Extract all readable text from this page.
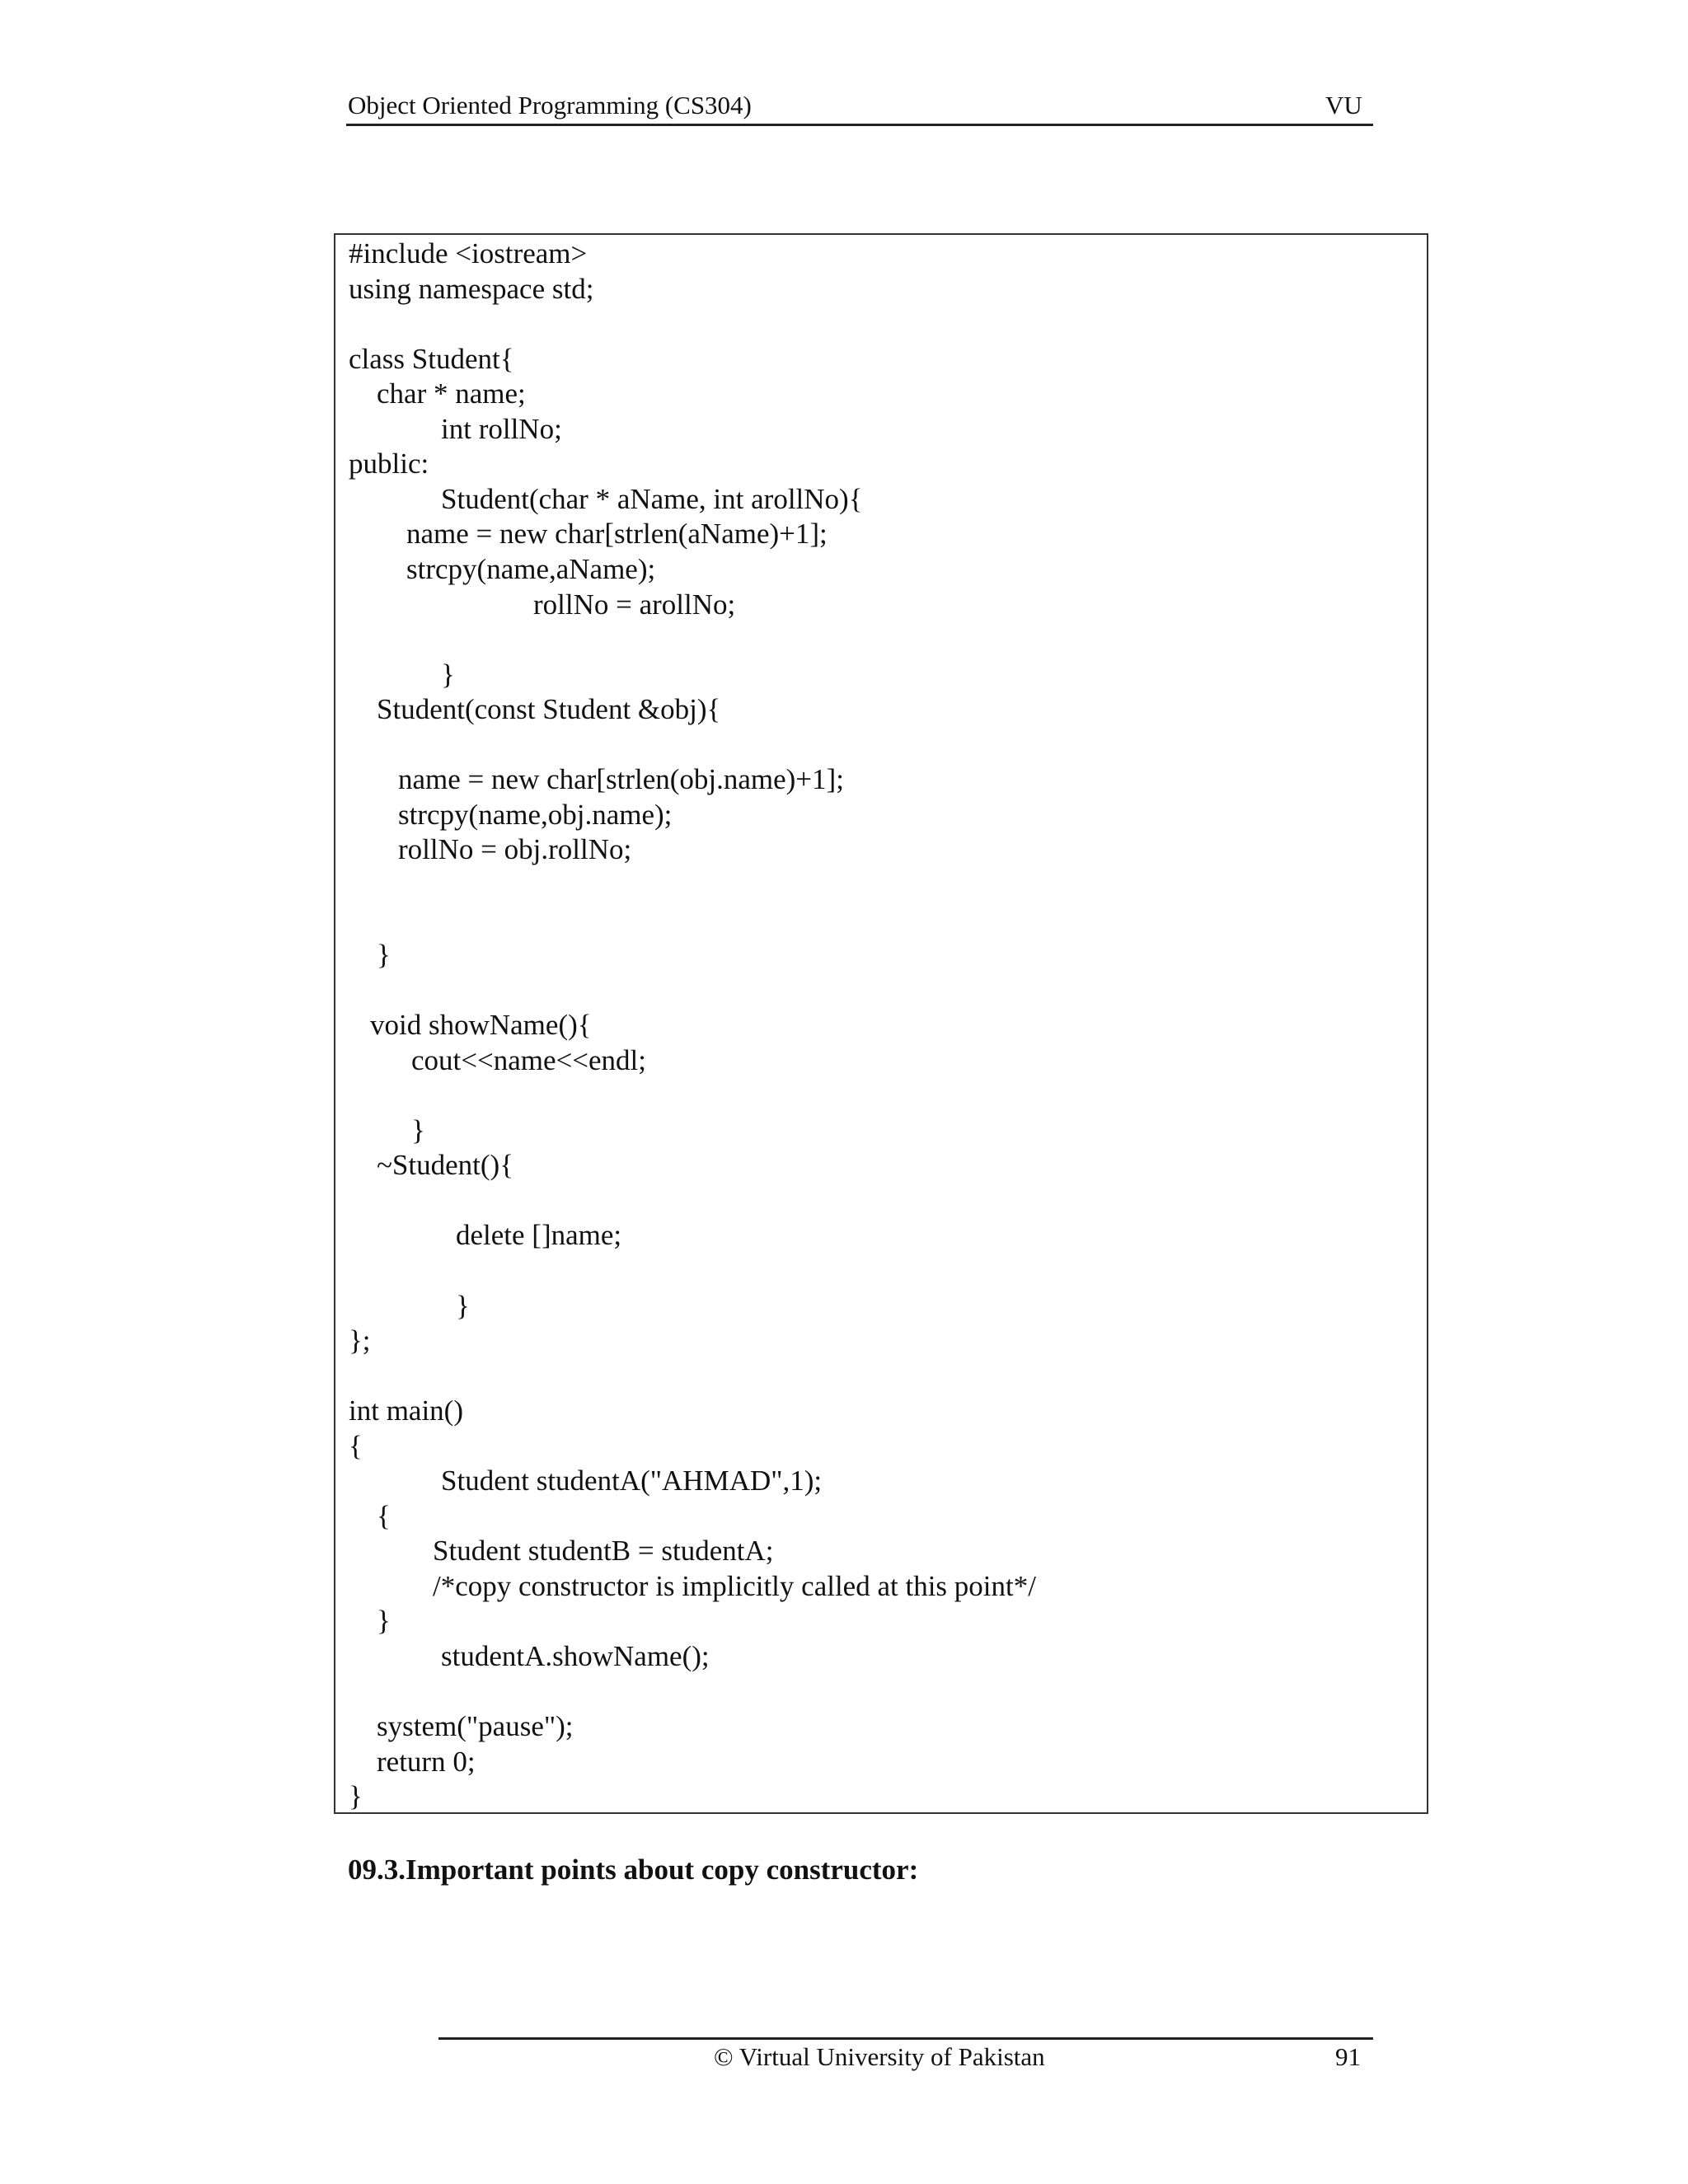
Object Oriented Programming (CS304)	VU
#include <iostream>
using namespace std;
class Student{
char * name;
int rollNo;
public:
Student(char * aName, int arollNo){
name = new char[strlen(aName)+1];
strcpy(name,aName);
rollNo = arollNo;
}
Student(const Student &obj){
name = new char[strlen(obj.name)+1];
strcpy(name,obj.name);
rollNo = obj.rollNo;
}
void showName(){
cout<<name<<endl;
}
~Student(){
delete []name;
}
};
int main()
{
Student studentA("AHMAD",1);
{
Student studentB = studentA;
/*copy constructor is implicitly called at this point*/
}
studentA.showName();
system("pause");
return 0;
}
09.3.Important points about copy constructor:
© Virtual University of Pakistan	91
